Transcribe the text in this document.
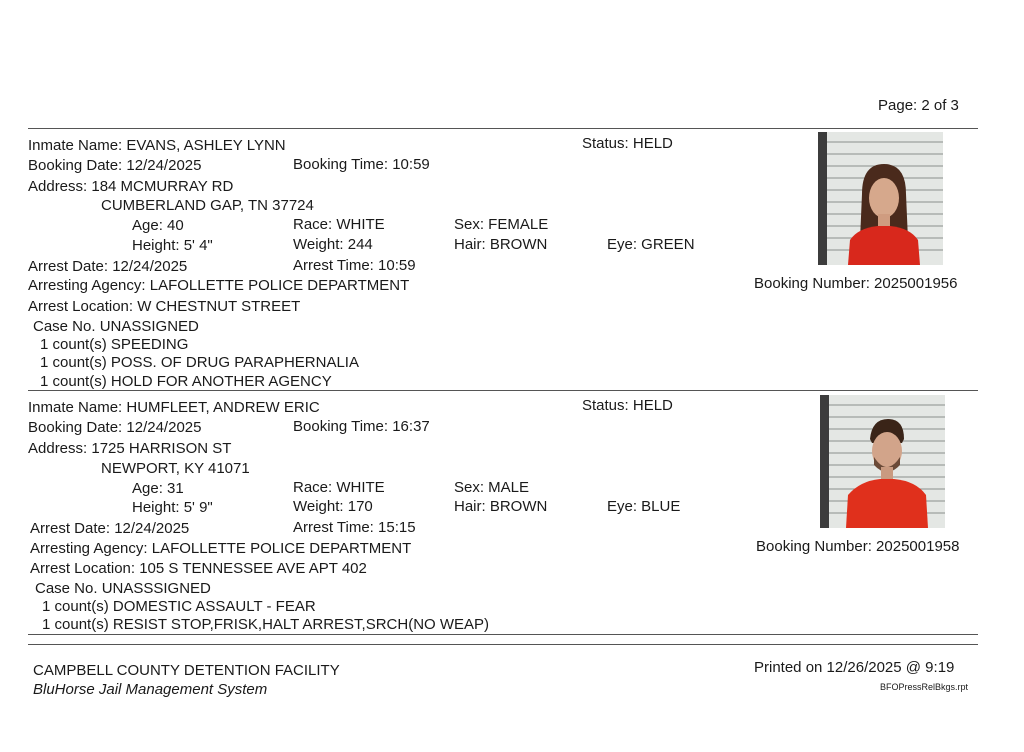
Page: 2 of 3
Inmate Name: EVANS, ASHLEY LYNN	Status: HELD
Booking Date: 12/24/2025	Booking Time: 10:59
Address: 184 MCMURRAY RD
CUMBERLAND GAP, TN 37724
Age: 40	Race: WHITE	Sex: FEMALE
Height: 5' 4"	Weight: 244	Hair: BROWN	Eye: GREEN
Arrest Date: 12/24/2025	Arrest Time: 10:59
Arresting Agency: LAFOLLETTE POLICE DEPARTMENT
Arrest Location: W CHESTNUT STREET
Case No. UNASSIGNED
1 count(s) SPEEDING
1 count(s) POSS. OF DRUG PARAPHERNALIA
1 count(s) HOLD FOR ANOTHER AGENCY
Booking Number: 2025001956
Inmate Name: HUMFLEET, ANDREW ERIC	Status: HELD
Booking Date: 12/24/2025	Booking Time: 16:37
Address: 1725 HARRISON ST
NEWPORT, KY 41071
Age: 31	Race: WHITE	Sex: MALE
Height: 5' 9"	Weight: 170	Hair: BROWN	Eye: BLUE
Arrest Date: 12/24/2025	Arrest Time: 15:15
Arresting Agency: LAFOLLETTE POLICE DEPARTMENT
Arrest Location: 105 S TENNESSEE AVE APT 402
Case No. UNASSSIGNED
1 count(s) DOMESTIC ASSAULT - FEAR
1 count(s) RESIST STOP,FRISK,HALT ARREST,SRCH(NO WEAP)
Booking Number: 2025001958
CAMPBELL COUNTY DETENTION FACILITY
BluHorse Jail Management System
Printed on 12/26/2025 @ 9:19
BFOPressRelBkgs.rpt
